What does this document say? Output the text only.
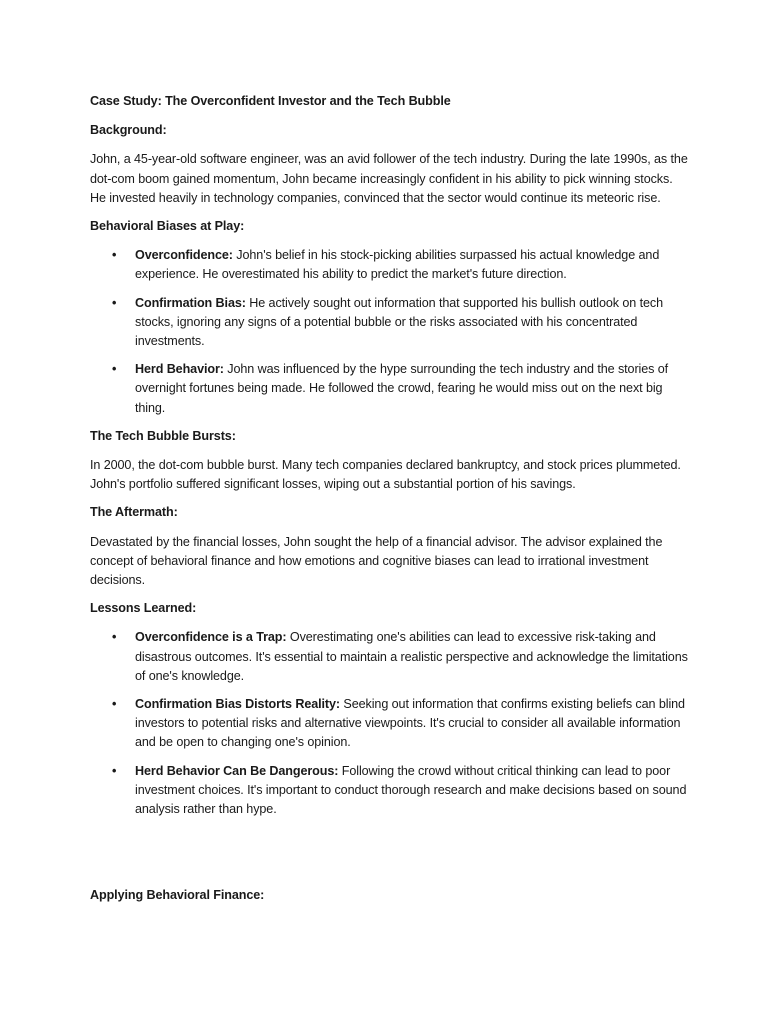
Case Study: The Overconfident Investor and the Tech Bubble

Background:

John, a 45-year-old software engineer, was an avid follower of the tech industry. During the late 1990s, as the dot-com boom gained momentum, John became increasingly confident in his ability to pick winning stocks. He invested heavily in technology companies, convinced that the sector would continue its meteoric rise.

Behavioral Biases at Play:

• Overconfidence: John's belief in his stock-picking abilities surpassed his actual knowledge and experience. He overestimated his ability to predict the market's future direction.
• Confirmation Bias: He actively sought out information that supported his bullish outlook on tech stocks, ignoring any signs of a potential bubble or the risks associated with his concentrated investments.
• Herd Behavior: John was influenced by the hype surrounding the tech industry and the stories of overnight fortunes being made. He followed the crowd, fearing he would miss out on the next big thing.

The Tech Bubble Bursts:

In 2000, the dot-com bubble burst. Many tech companies declared bankruptcy, and stock prices plummeted. John's portfolio suffered significant losses, wiping out a substantial portion of his savings.

The Aftermath:

Devastated by the financial losses, John sought the help of a financial advisor. The advisor explained the concept of behavioral finance and how emotions and cognitive biases can lead to irrational investment decisions.

Lessons Learned:

• Overconfidence is a Trap: Overestimating one's abilities can lead to excessive risk-taking and disastrous outcomes. It's essential to maintain a realistic perspective and acknowledge the limitations of one's knowledge.
• Confirmation Bias Distorts Reality: Seeking out information that confirms existing beliefs can blind investors to potential risks and alternative viewpoints. It's crucial to consider all available information and be open to changing one's opinion.
• Herd Behavior Can Be Dangerous: Following the crowd without critical thinking can lead to poor investment choices. It's important to conduct thorough research and make decisions based on sound analysis rather than hype.

Applying Behavioral Finance:
